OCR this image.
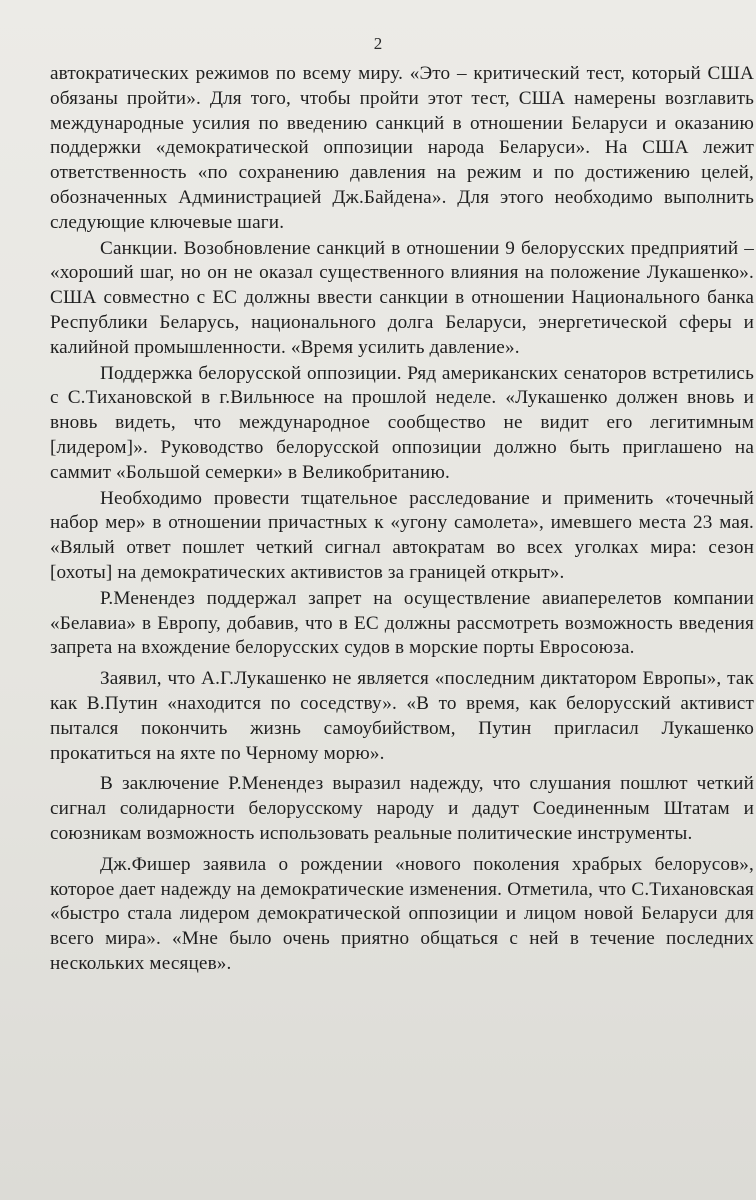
2

автократических режимов по всему миру. «Это – критический тест, который США обязаны пройти». Для того, чтобы пройти этот тест, США намерены возглавить международные усилия по введению санкций в отношении Беларуси и оказанию поддержки «демократической оппозиции народа Беларуси». На США лежит ответственность «по сохранению давления на режим и по достижению целей, обозначенных Администрацией Дж.Байдена». Для этого необходимо выполнить следующие ключевые шаги.

Санкции. Возобновление санкций в отношении 9 белорусских предприятий – «хороший шаг, но он не оказал существенного влияния на положение Лукашенко». США совместно с ЕС должны ввести санкции в отношении Национального банка Республики Беларусь, национального долга Беларуси, энергетической сферы и калийной промышленности. «Время усилить давление».

Поддержка белорусской оппозиции. Ряд американских сенаторов встретились с С.Тихановской в г.Вильнюсе на прошлой неделе. «Лукашенко должен вновь и вновь видеть, что международное сообщество не видит его легитимным [лидером]». Руководство белорусской оппозиции должно быть приглашено на саммит «Большой семерки» в Великобританию.

Необходимо провести тщательное расследование и применить «точечный набор мер» в отношении причастных к «угону самолета», имевшего места 23 мая. «Вялый ответ пошлет четкий сигнал автократам во всех уголках мира: сезон [охоты] на демократических активистов за границей открыт».

Р.Менендез поддержал запрет на осуществление авиаперелетов компании «Белавиа» в Европу, добавив, что в ЕС должны рассмотреть возможность введения запрета на вхождение белорусских судов в морские порты Евросоюза.

Заявил, что А.Г.Лукашенко не является «последним диктатором Европы», так как В.Путин «находится по соседству». «В то время, как белорусский активист пытался покончить жизнь самоубийством, Путин пригласил Лукашенко прокатиться на яхте по Черному морю».

В заключение Р.Менендез выразил надежду, что слушания пошлют четкий сигнал солидарности белорусскому народу и дадут Соединенным Штатам и союзникам возможность использовать реальные политические инструменты.

Дж.Фишер заявила о рождении «нового поколения храбрых белорусов», которое дает надежду на демократические изменения. Отметила, что С.Тихановская «быстро стала лидером демократической оппозиции и лицом новой Беларуси для всего мира». «Мне было очень приятно общаться с ней в течение последних нескольких месяцев».
